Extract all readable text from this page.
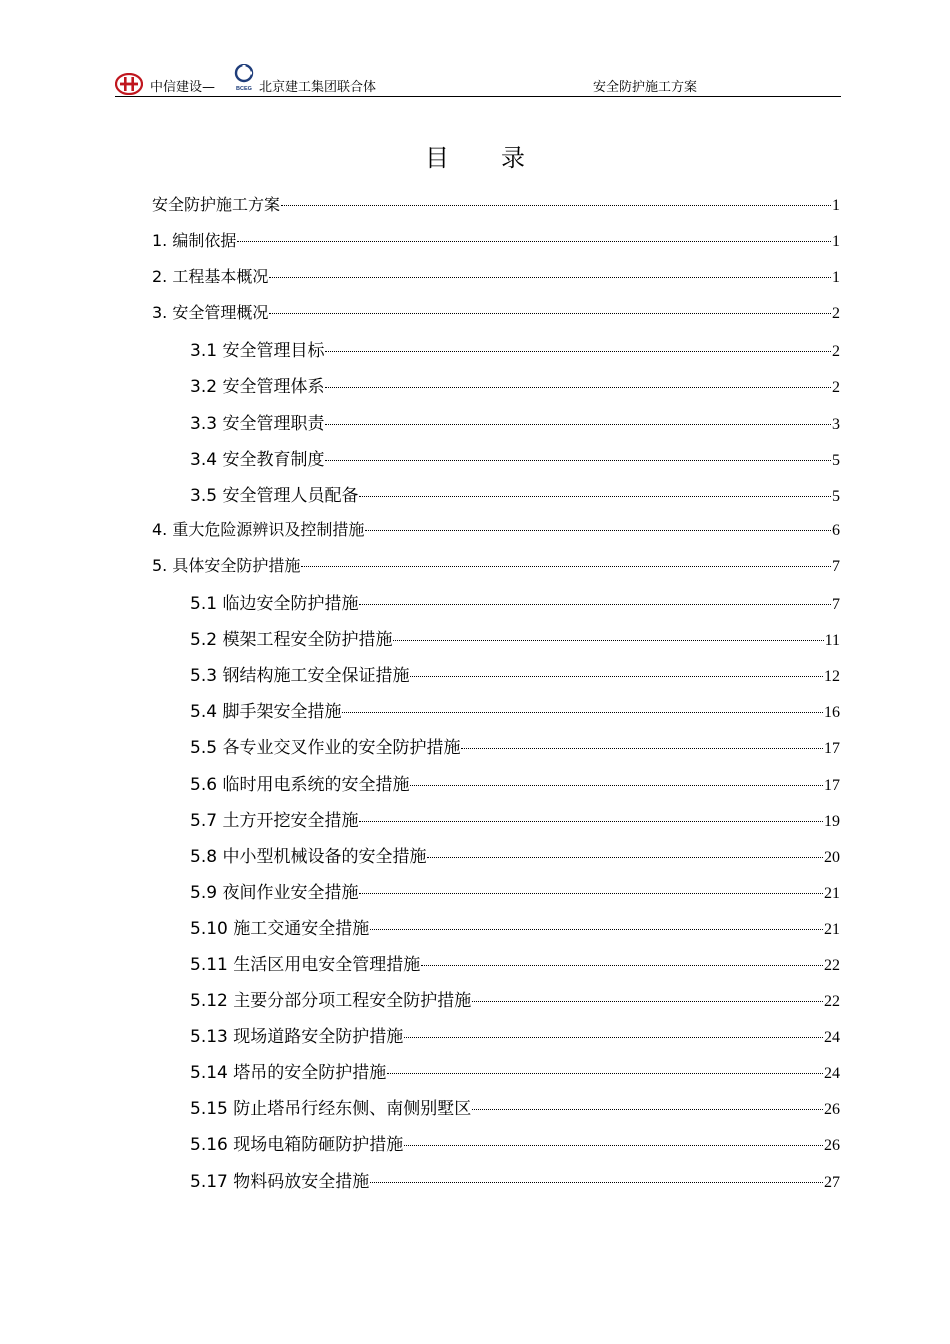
中信建设—	BCEG 北京建工集团联合体	安全防护施工方案
目录
安全防护施工方案	1
1. 编制依据	1
2. 工程基本概况	1
3. 安全管理概况	2
3.1 安全管理目标	2
3.2 安全管理体系	2
3.3 安全管理职责	3
3.4 安全教育制度	5
3.5 安全管理人员配备	5
4. 重大危险源辨识及控制措施	6
5. 具体安全防护措施	7
5.1 临边安全防护措施	7
5.2 模架工程安全防护措施	11
5.3 钢结构施工安全保证措施	12
5.4 脚手架安全措施	16
5.5 各专业交叉作业的安全防护措施	17
5.6 临时用电系统的安全措施	17
5.7 土方开挖安全措施	19
5.8 中小型机械设备的安全措施	20
5.9 夜间作业安全措施	21
5.10 施工交通安全措施	21
5.11 生活区用电安全管理措施	22
5.12 主要分部分项工程安全防护措施	22
5.13 现场道路安全防护措施	24
5.14 塔吊的安全防护措施	24
5.15 防止塔吊行经东侧、南侧别墅区	26
5.16 现场电箱防砸防护措施	26
5.17 物料码放安全措施	27
